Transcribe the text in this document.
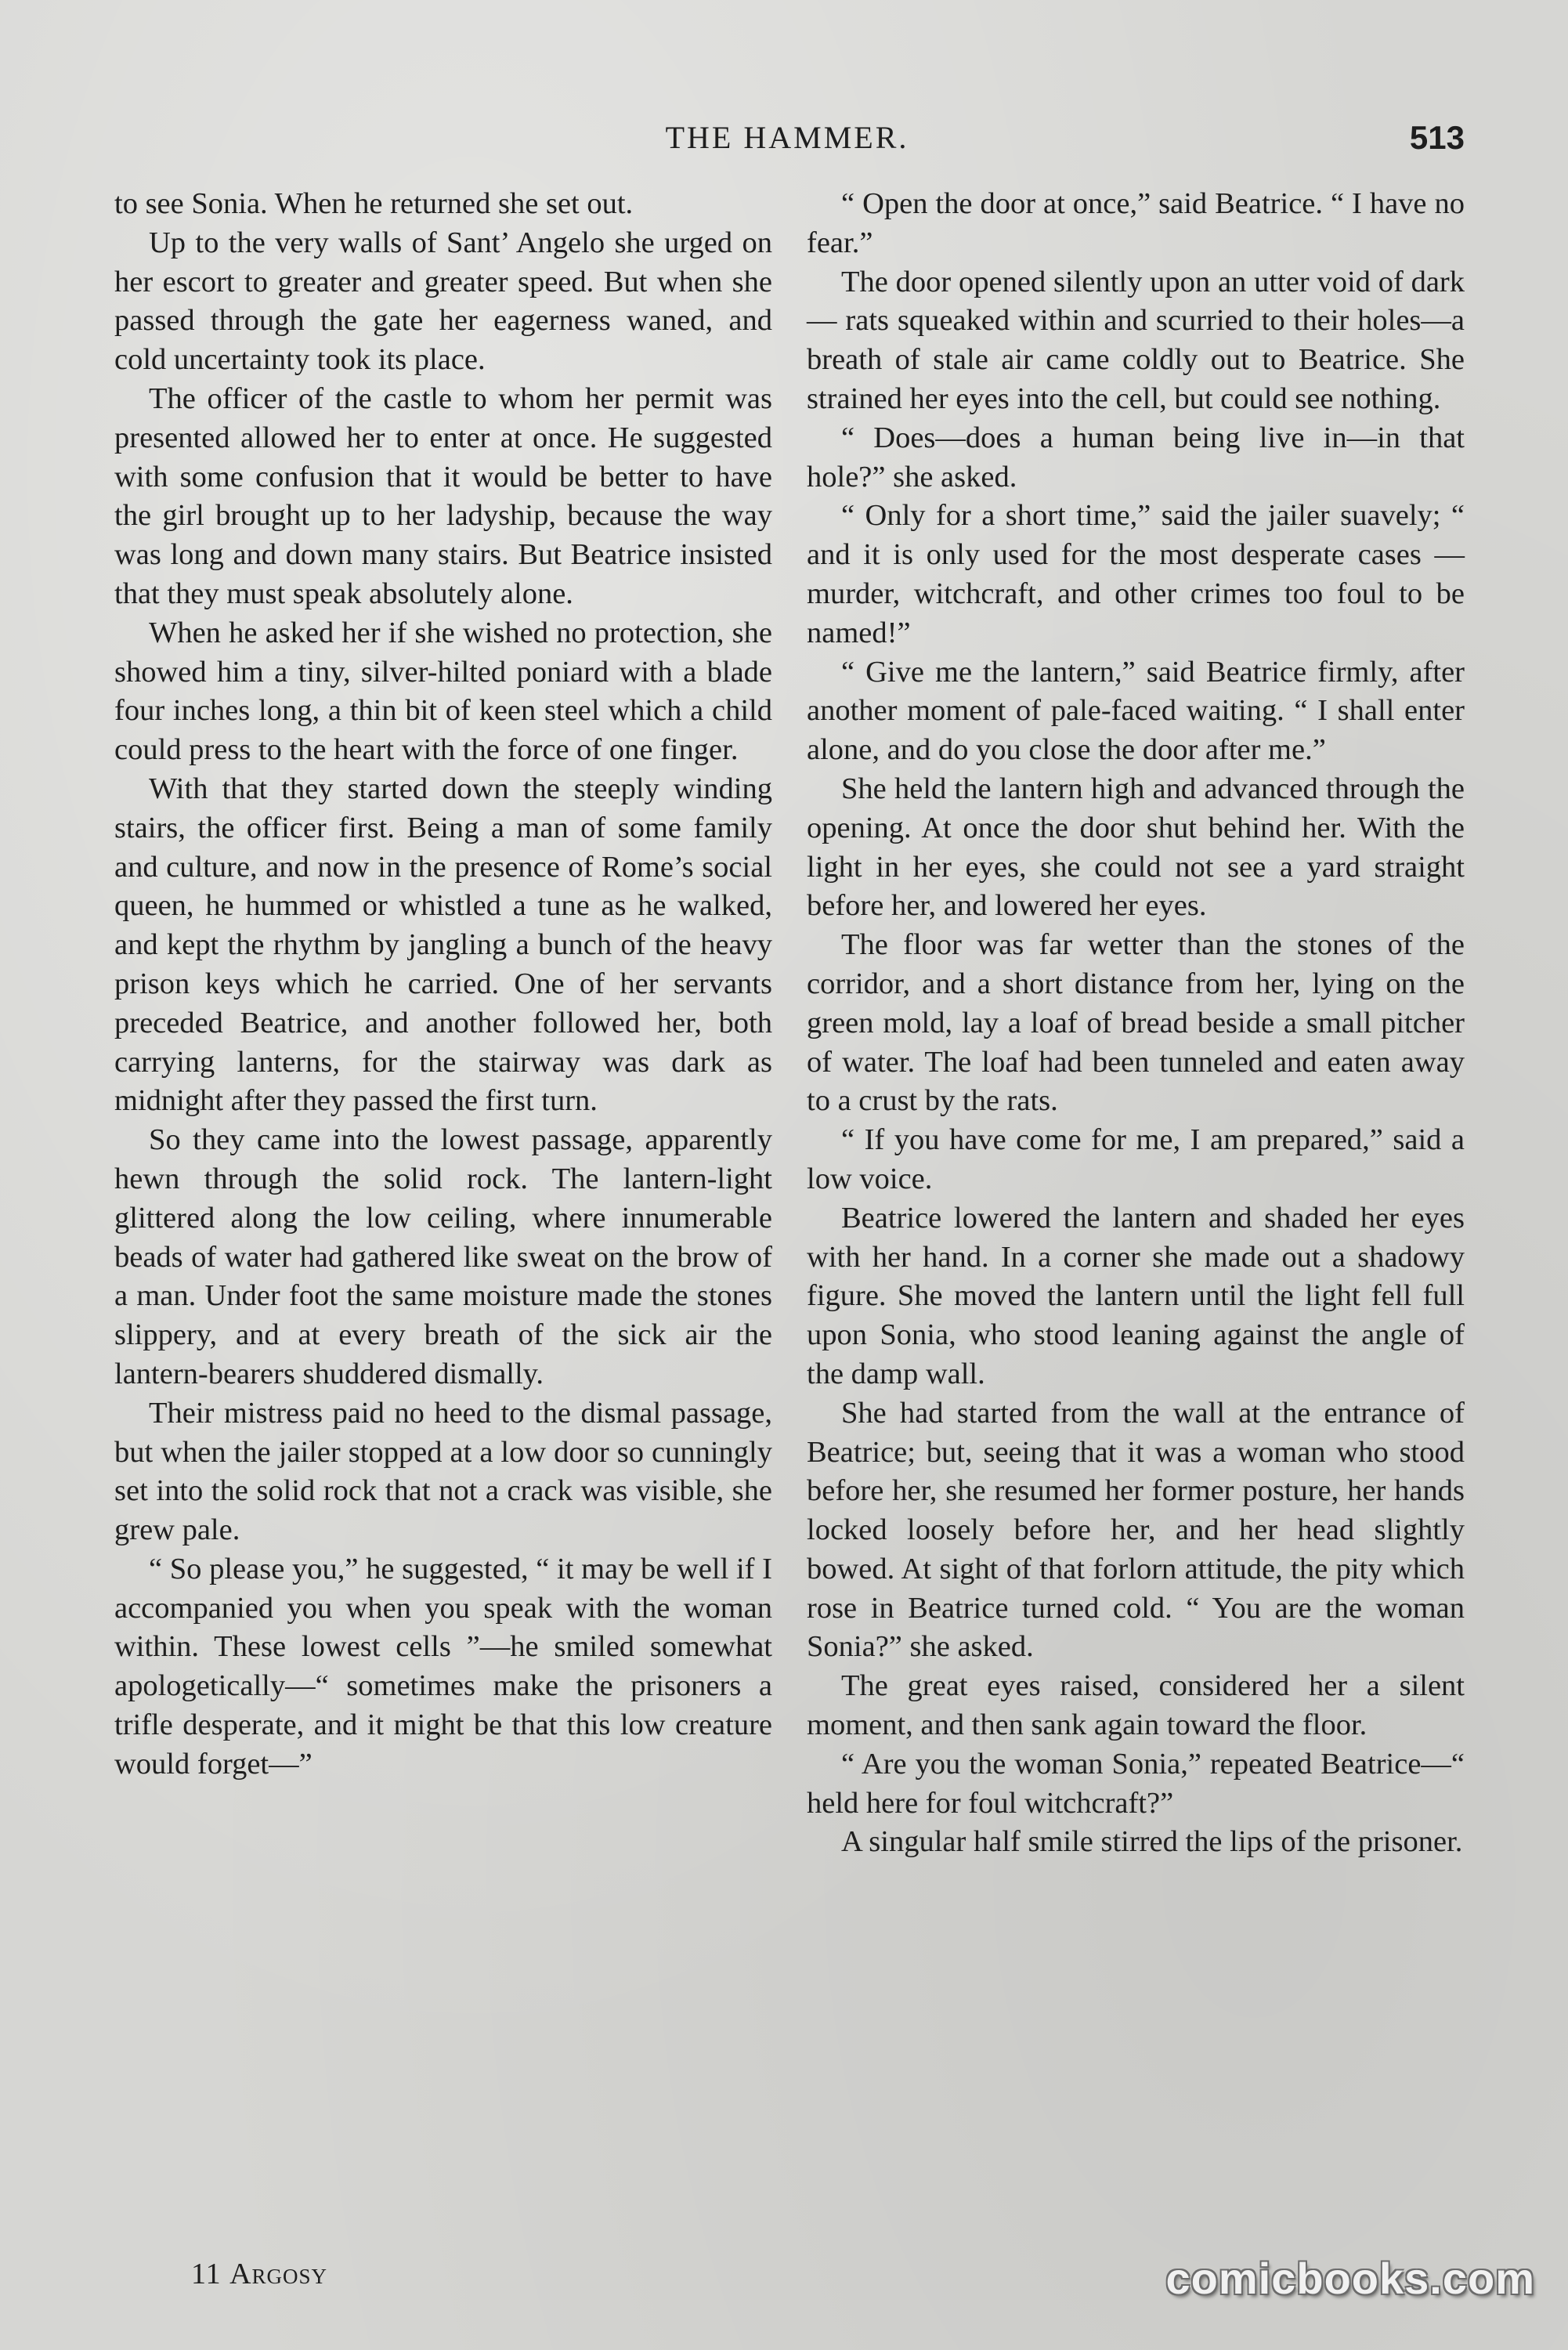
THE HAMMER.	513

to see Sonia. When he returned she set out.

Up to the very walls of Sant’ Angelo she urged on her escort to greater and greater speed. But when she passed through the gate her eagerness waned, and cold uncertainty took its place.

The officer of the castle to whom her permit was presented allowed her to enter at once. He suggested with some confusion that it would be better to have the girl brought up to her ladyship, because the way was long and down many stairs. But Beatrice insisted that they must speak absolutely alone.

When he asked her if she wished no protection, she showed him a tiny, silver-hilted poniard with a blade four inches long, a thin bit of keen steel which a child could press to the heart with the force of one finger.

With that they started down the steeply winding stairs, the officer first. Being a man of some family and culture, and now in the presence of Rome’s social queen, he hummed or whistled a tune as he walked, and kept the rhythm by jangling a bunch of the heavy prison keys which he carried. One of her servants preceded Beatrice, and another followed her, both carrying lanterns, for the stairway was dark as midnight after they passed the first turn.

So they came into the lowest passage, apparently hewn through the solid rock. The lantern-light glittered along the low ceiling, where innumerable beads of water had gathered like sweat on the brow of a man. Under foot the same moisture made the stones slippery, and at every breath of the sick air the lantern-bearers shuddered dismally.

Their mistress paid no heed to the dismal passage, but when the jailer stopped at a low door so cunningly set into the solid rock that not a crack was visible, she grew pale.

“ So please you,” he suggested, “ it may be well if I accompanied you when you speak with the woman within. These lowest cells ”—he smiled somewhat apologetically—“ sometimes make the prisoners a trifle desperate, and it might be that this low creature would forget—”

“ Open the door at once,” said Beatrice. “ I have no fear.”

The door opened silently upon an utter void of dark — rats squeaked within and scurried to their holes—a breath of stale air came coldly out to Beatrice. She strained her eyes into the cell, but could see nothing.

“ Does—does a human being live in—in that hole?” she asked.

“ Only for a short time,” said the jailer suavely; “ and it is only used for the most desperate cases — murder, witchcraft, and other crimes too foul to be named!”

“ Give me the lantern,” said Beatrice firmly, after another moment of pale-faced waiting. “ I shall enter alone, and do you close the door after me.”

She held the lantern high and advanced through the opening. At once the door shut behind her. With the light in her eyes, she could not see a yard straight before her, and lowered her eyes.

The floor was far wetter than the stones of the corridor, and a short distance from her, lying on the green mold, lay a loaf of bread beside a small pitcher of water. The loaf had been tunneled and eaten away to a crust by the rats.

“ If you have come for me, I am prepared,” said a low voice.

Beatrice lowered the lantern and shaded her eyes with her hand. In a corner she made out a shadowy figure. She moved the lantern until the light fell full upon Sonia, who stood leaning against the angle of the damp wall.

She had started from the wall at the entrance of Beatrice; but, seeing that it was a woman who stood before her, she resumed her former posture, her hands locked loosely before her, and her head slightly bowed. At sight of that forlorn attitude, the pity which rose in Beatrice turned cold. “ You are the woman Sonia?” she asked.

The great eyes raised, considered her a silent moment, and then sank again toward the floor.

“ Are you the woman Sonia,” repeated Beatrice—“ held here for foul witchcraft?”

A singular half smile stirred the lips of the prisoner.

11 Argosy	comicbooks.com
